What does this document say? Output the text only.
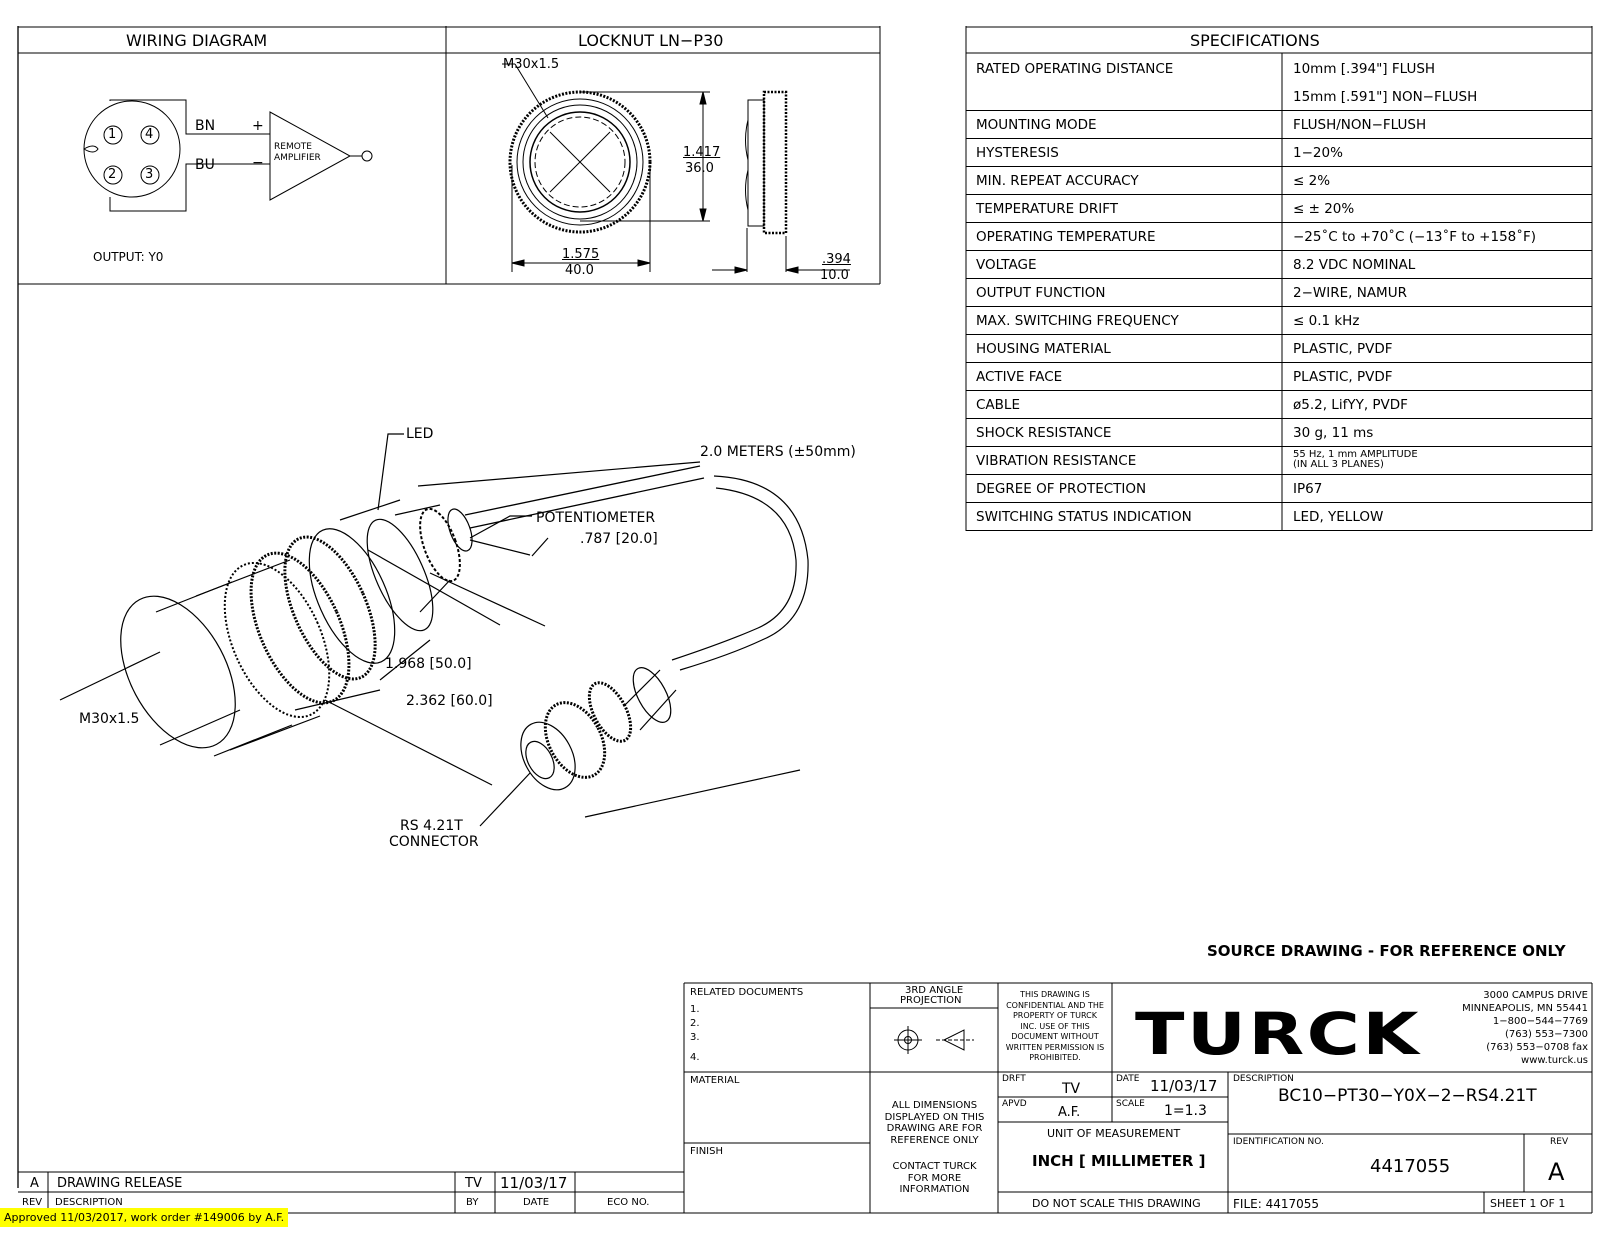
WIRING DIAGRAM
1 4
2 3
BN
BU
+
−
REMOTE
AMPLIFIER
OUTPUT: Y0
LOCKNUT LN−P30
M30x1.5
1.417
36.0
1.575
40.0
.394
10.0
SPECIFICATIONS
RATED OPERATING DISTANCE	10mm [.394"] FLUSH
15mm [.591"] NON−FLUSH
MOUNTING MODE	FLUSH/NON−FLUSH
HYSTERESIS	1−20%
MIN. REPEAT ACCURACY	≤ 2%
TEMPERATURE DRIFT	≤ ± 20%
OPERATING TEMPERATURE	−25˚C to +70˚C (−13˚F to +158˚F)
VOLTAGE	8.2 VDC NOMINAL
OUTPUT FUNCTION	2−WIRE, NAMUR
MAX. SWITCHING FREQUENCY	≤ 0.1 kHz
HOUSING MATERIAL	PLASTIC, PVDF
ACTIVE FACE	PLASTIC, PVDF
CABLE	ø5.2, LifYY, PVDF
SHOCK RESISTANCE	30 g, 11 ms
VIBRATION RESISTANCE	55 Hz, 1 mm AMPLITUDE
(IN ALL 3 PLANES)
DEGREE OF PROTECTION	IP67
SWITCHING STATUS INDICATION	LED, YELLOW
LED
2.0 METERS (±50mm)
POTENTIOMETER
.787 [20.0]
1.968 [50.0]
2.362 [60.0]
M30x1.5
RS 4.21T
CONNECTOR
SOURCE DRAWING - FOR REFERENCE ONLY
RELATED DOCUMENTS
1.
2.
3.
4.
MATERIAL
FINISH
3RD ANGLE
PROJECTION
THIS DRAWING IS
CONFIDENTIAL AND THE
PROPERTY OF TURCK
INC. USE OF THIS
DOCUMENT WITHOUT
WRITTEN PERMISSION IS
PROHIBITED. TURCK
3000 CAMPUS DRIVE
MINNEAPOLIS, MN 55441
1−800−544−7769
(763) 553−7300
(763) 553−0708 fax
www.turck.us
ALL DIMENSIONS
DISPLAYED ON THIS
DRAWING ARE FOR
REFERENCE ONLY
CONTACT TURCK
FOR MORE
INFORMATION
DRFT
TV
DATE 11/03/17
APVD
A.F.
SCALE 1=1.3
UNIT OF MEASUREMENT
INCH [ MILLIMETER ]
DO NOT SCALE THIS DRAWING
DESCRIPTION
BC10−PT30−Y0X−2−RS4.21T
IDENTIFICATION NO.
4417055
REV
A
FILE: 4417055	SHEET 1 OF 1
A DRAWING RELEASE	TV 11/03/17
REV DESCRIPTION	BY	DATE	ECO NO.
Approved 11/03/2017, work order #149006 by A.F.
